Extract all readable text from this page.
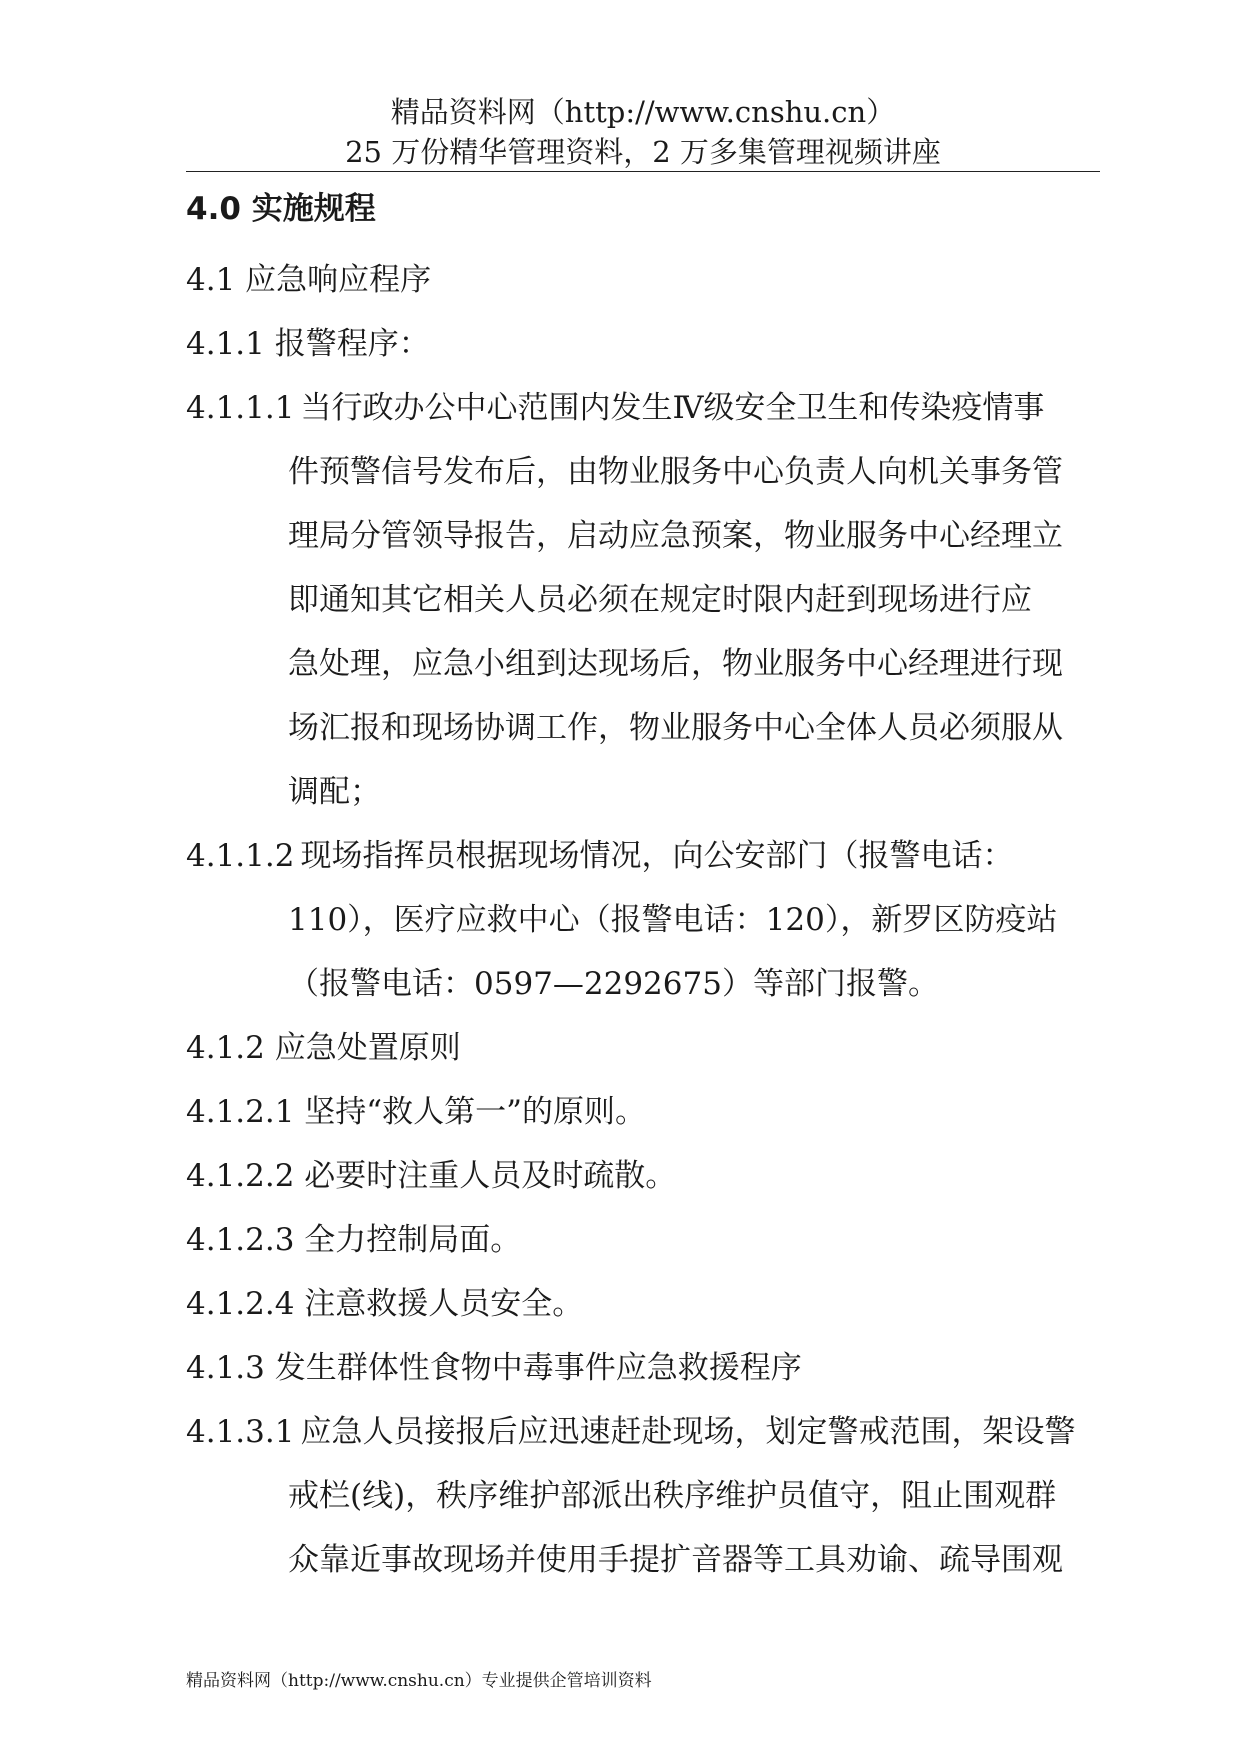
精品资料网（http://www.cnshu.cn）
25 万份精华管理资料，2 万多集管理视频讲座
4.0 实施规程
4.1 应急响应程序
4.1.1 报警程序：
4.1.1.1 当行政办公中心范围内发生Ⅳ级安全卫生和传染疫情事
件预警信号发布后，由物业服务中心负责人向机关事务管
理局分管领导报告，启动应急预案，物业服务中心经理立
即通知其它相关人员必须在规定时限内赶到现场进行应
急处理，应急小组到达现场后，物业服务中心经理进行现
场汇报和现场协调工作，物业服务中心全体人员必须服从
调配；
4.1.1.2 现场指挥员根据现场情况，向公安部门（报警电话：
110），医疗应救中心（报警电话：120），新罗区防疫站
（报警电话：0597—2292675）等部门报警。
4.1.2 应急处置原则
4.1.2.1 坚持“救人第一”的原则。
4.1.2.2 必要时注重人员及时疏散。
4.1.2.3 全力控制局面。
4.1.2.4 注意救援人员安全。
4.1.3 发生群体性食物中毒事件应急救援程序
4.1.3.1 应急人员接报后应迅速赶赴现场，划定警戒范围，架设警
戒栏(线)，秩序维护部派出秩序维护员值守，阻止围观群
众靠近事故现场并使用手提扩音器等工具劝谕、疏导围观
精品资料网（http://www.cnshu.cn）专业提供企管培训资料
